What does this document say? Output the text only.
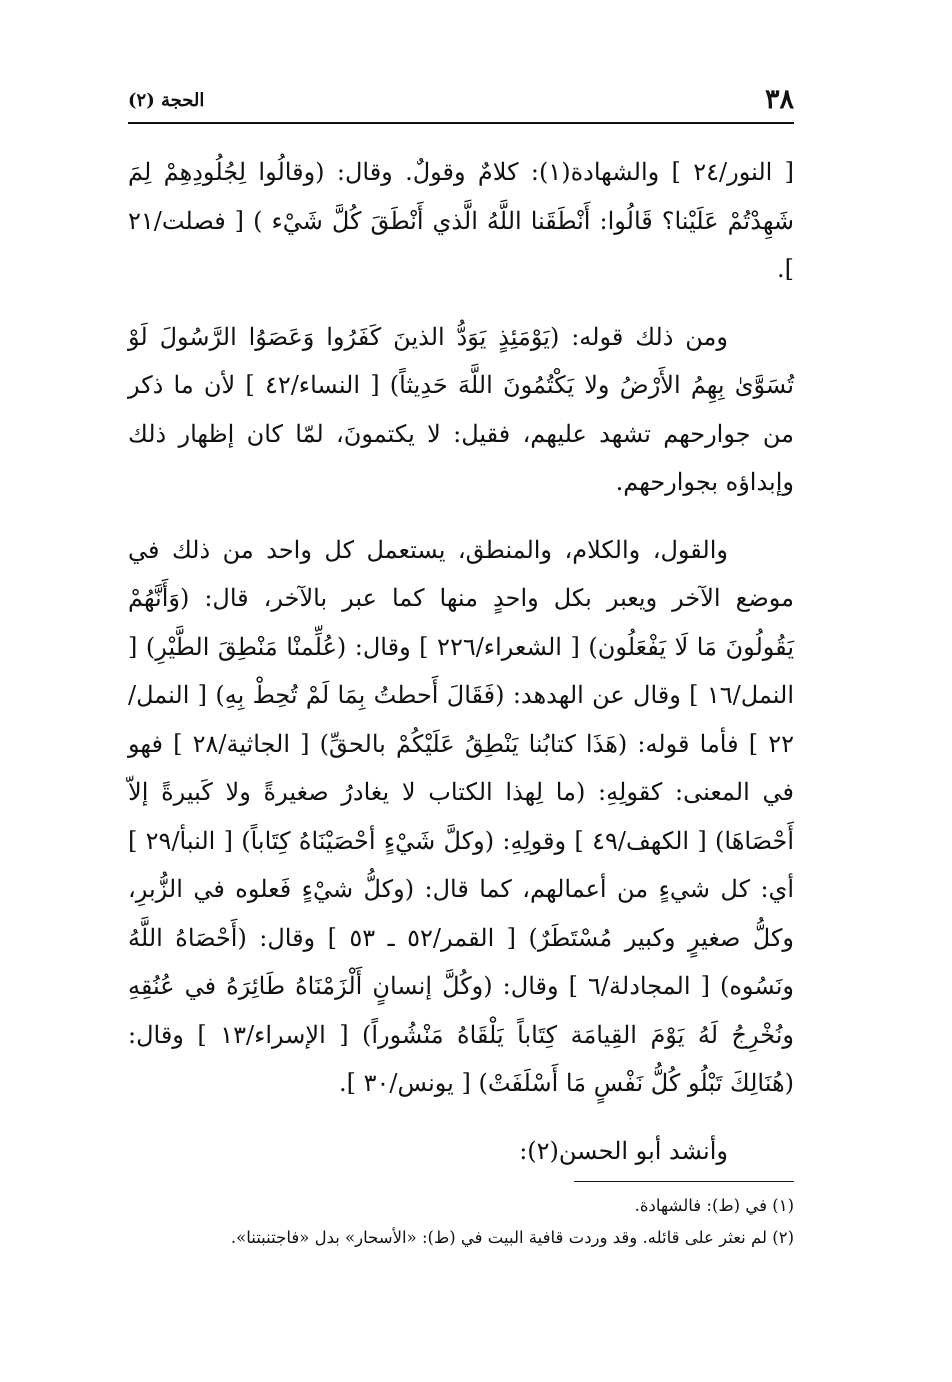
٣٨
الحجة (٢)

[ النور/٢٤ ] والشهادة(١): كلامٌ وقولٌ. وقال: (وقالُوا لِجُلُودِهِمْ لِمَ شَهِدْتُمْ عَلَيْنا؟ قَالُوا: أَنْطَقَنا اللَّهُ الَّذي أَنْطَقَ كُلَّ شَيْء ) [ فصلت/٢١ ].

ومن ذلك قوله: (يَوْمَئِذٍ يَوَدُّ الذينَ كَفَرُوا وَعَصَوُا الرَّسُولَ لَوْ تُسَوَّىٰ بِهِمُ الأَرْضُ ولا يَكْتُمُونَ اللَّهَ حَدِيثاً) [ النساء/٤٢ ] لأن ما ذكر من جوارحهم تشهد عليهم، فقيل: لا يكتمونَ، لمّا كان إظهار ذلك وإبداؤه بجوارحهم.

والقول، والكلام، والمنطق، يستعمل كل واحد من ذلك في موضع الآخر ويعبر بكل واحدٍ منها كما عبر بالآخر، قال: (وَأَنَّهُمْ يَقُولُونَ مَا لَا يَفْعَلُون) [ الشعراء/٢٢٦ ] وقال: (عُلِّمنْا مَنْطِقَ الطَّيْرِ) [ النمل/١٦ ] وقال عن الهدهد: (فَقَالَ أَحطتُ بِمَا لَمْ تُحِطْ بِهِ) [ النمل/٢٢ ] فأما قوله: (هَذَا كتابُنا يَنْطِقُ عَلَيْكُمْ بالحقِّ) [ الجاثية/٢٨ ] فهو في المعنى: كقولِهِ: (ما لِهذا الكتاب لا يغادرُ صغيرةً ولا كَبيرةً إلاّ أَحْصَاهَا) [ الكهف/٤٩ ] وقولِهِ: (وكلَّ شَيْءٍ أحْصَيْنَاهُ كِتَاباً) [ النبأ/٢٩ ] أي: كل شيءٍ من أعمالهم، كما قال: (وكلُّ شيْءٍ فَعلوه في الزُّبرِ، وكلُّ صغيرٍ وكبير مُسْتَطَرٌ) [ القمر/٥٢ ـ ٥٣ ] وقال: (أَحْصَاهُ اللَّهُ ونَسُوه) [ المجادلة/٦ ] وقال: (وكُلَّ إنسانٍ أَلْزَمْنَاهُ طَائِرَهُ في عُنُقِهِ ونُخْرِجُ لَهُ يَوْمَ القِيامَة كِتَاباً يَلْقَاهُ مَنْشُوراً) [ الإسراء/١٣ ] وقال: (هُنَالِكَ تَبْلُو كُلُّ نَفْسٍ مَا أَسْلَفَتْ) [ يونس/٣٠ ].

وأنشد أبو الحسن(٢):

(١) في (ط): فالشهادة.
(٢) لم نعثر على قائله. وقد وردت قافية البيت في (ط): «الأسحار» بدل «فاجتنبتنا».
